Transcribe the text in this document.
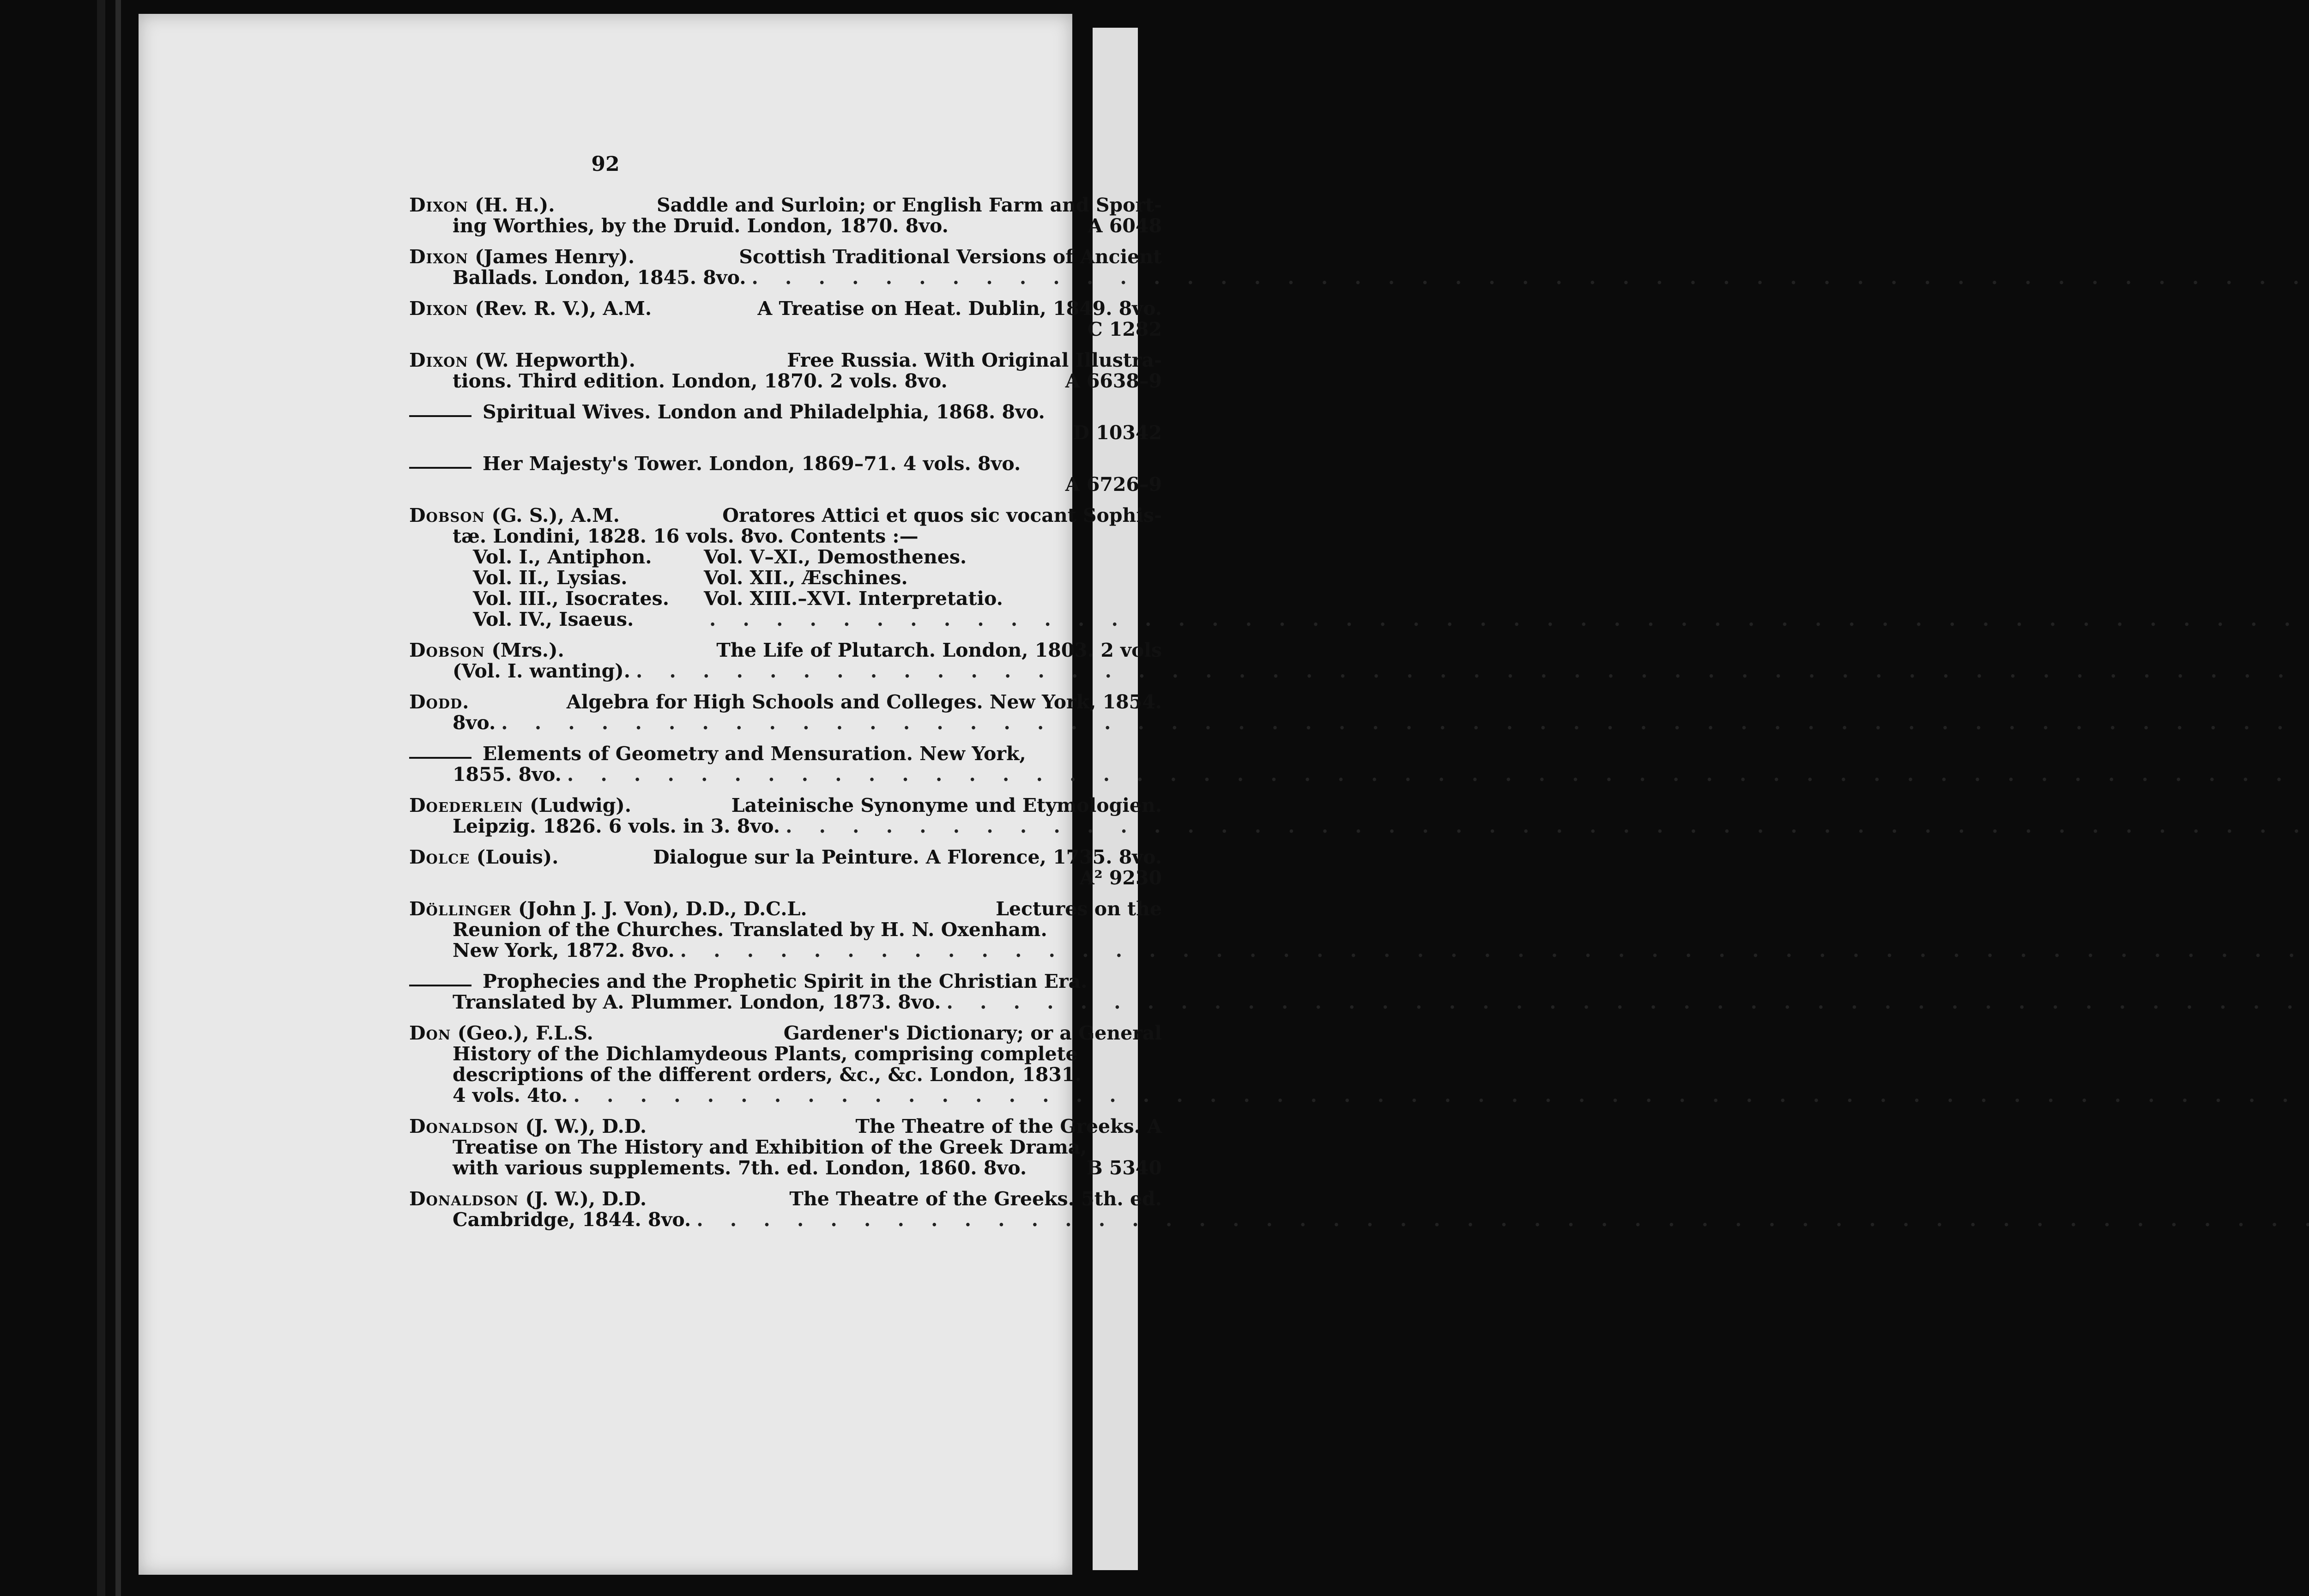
92
Dixon (H. H.).	Saddle and Surloin; or English Farm and Sport-
ing Worthies, by the Druid. London, 1870. 8vo.	A 6048
Dixon (James Henry).	Scottish Traditional Versions of Ancient
Ballads. London, 1845. 8vo.
. . .
Dixon (Rev. R. V.), A.M.	A Treatise on Heat. Dublin, 1849. 8vo.
C 1282
Dixon (W. Hepworth).	Free Russia. With Original Illustra-
tions. Third edition. London, 1870. 2 vols. 8vo.	A 6638–9
Spiritual Wives. London and Philadelphia, 1868. 8vo.
D 10342
Her Majesty's Tower. London, 1869–71. 4 vols. 8vo.
A 6726–9
Dobson (G. S.), A.M.	Oratores Attici et quos sic vocant Sophis-
tæ. Londini, 1828. 16 vols. 8vo. Contents :—
Vol. I., Antiphon.	Vol. V–XI., Demosthenes.
Vol. II., Lysias.	Vol. XII., Æschines.
Vol. III., Isocrates. Vol. XIII.–XVI. Interpretatio.
Vol. IV., Isaeus.
. . .
Dobson (Mrs.).	The Life of Plutarch. London, 1803. 2 vols
(Vol. I. wanting).
. . .
Dodd.	Algebra for High Schools and Colleges. New York, 1854.
8vo.
. . .
Elements of Geometry and Mensuration. New York,
1855. 8vo.
. . .
Doederlein (Ludwig).	Lateinische Synonyme und Etymologien.
Leipzig. 1826. 6 vols. in 3. 8vo.
. . .
Dolce (Louis).	Dialogue sur la Peinture. A Florence, 1735. 8vo.
A² 9230
Döllinger (John J. J. Von), D.D., D.C.L.	Lectures on the
Reunion of the Churches. Translated by H. N. Oxenham.
New York, 1872. 8vo.
. . .
Prophecies and the Prophetic Spirit in the Christian Era.
Translated by A. Plummer. London, 1873. 8vo.
. . .
Don (Geo.), F.L.S.	Gardener's Dictionary; or a General
History of the Dichlamydeous Plants, comprising complete
descriptions of the different orders, &c., &c. London, 1831.
4 vols. 4to.
. . .
Donaldson (J. W.), D.D.	The Theatre of the Greeks. A
Treatise on The History and Exhibition of the Greek Drama,
with various supplements. 7th. ed. London, 1860. 8vo.	B 5340
Donaldson (J. W.), D.D.	The Theatre of the Greeks. 5th. ed.
Cambridge, 1844. 8vo.
. . .
